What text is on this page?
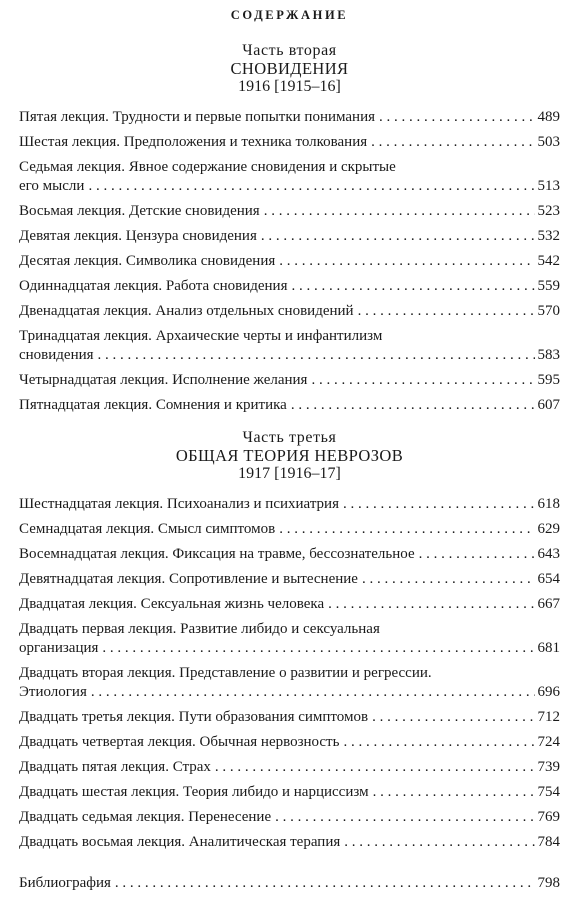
СОДЕРЖАНИЕ
Часть вторая
СНОВИДЕНИЯ
1916 [1915–16]
Пятая лекция. Трудности и первые попытки понимания . . .	489
Шестая лекция. Предположения и техника толкования . . .	503
Седьмая лекция. Явное содержание сновидения и скрытые
его мысли . . .	513
Восьмая лекция. Детские сновидения . . .	523
Девятая лекция. Цензура сновидения . . .	532
Десятая лекция. Символика сновидения . . .	542
Одиннадцатая лекция. Работа сновидения . . .	559
Двенадцатая лекция. Анализ отдельных сновидений . . .	570
Тринадцатая лекция. Архаические черты и инфантилизм
сновидения . . .	583
Четырнадцатая лекция. Исполнение желания . . .	595
Пятнадцатая лекция. Сомнения и критика . . .	607
Часть третья
ОБЩАЯ ТЕОРИЯ НЕВРОЗОВ
1917 [1916–17]
Шестнадцатая лекция. Психоанализ и психиатрия . . .	618
Семнадцатая лекция. Смысл симптомов . . .	629
Восемнадцатая лекция. Фиксация на травме, бессознательное . . .	643
Девятнадцатая лекция. Сопротивление и вытеснение . . .	654
Двадцатая лекция. Сексуальная жизнь человека . . .	667
Двадцать первая лекция. Развитие либидо и сексуальная
организация . . .	681
Двадцать вторая лекция. Представление о развитии и регрессии.
Этиология . . .	696
Двадцать третья лекция. Пути образования симптомов . . .	712
Двадцать четвертая лекция. Обычная нервозность . . .	724
Двадцать пятая лекция. Страх . . .	739
Двадцать шестая лекция. Теория либидо и нарциссизм . . .	754
Двадцать седьмая лекция. Перенесение . . .	769
Двадцать восьмая лекция. Аналитическая терапия . . .	784
Библиография . . .	798
